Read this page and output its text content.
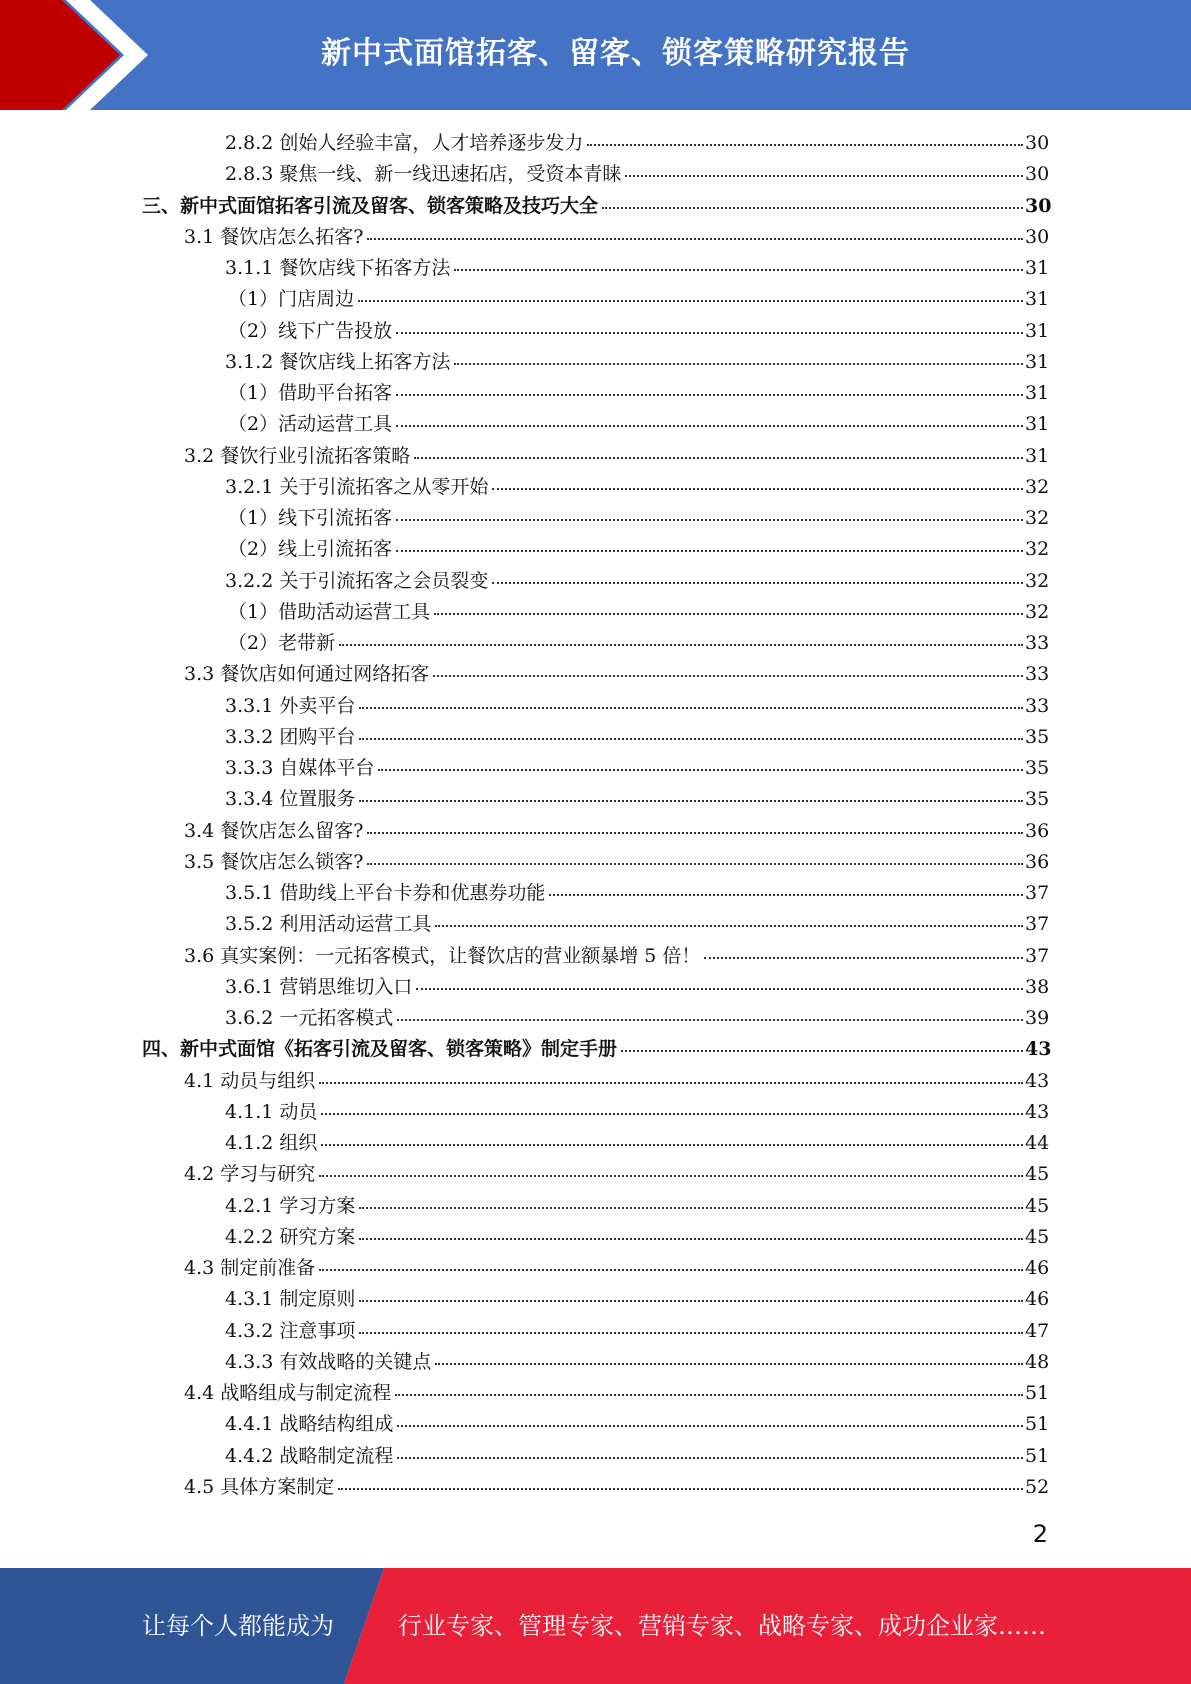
新中式面馆拓客、留客、锁客策略研究报告
2.8.2 创始人经验丰富，人才培养逐步发力	30
2.8.3 聚焦一线、新一线迅速拓店，受资本青睐	30
三、新中式面馆拓客引流及留客、锁客策略及技巧大全	30
3.1 餐饮店怎么拓客?	30
3.1.1 餐饮店线下拓客方法	31
（1）门店周边	31
（2）线下广告投放	31
3.1.2 餐饮店线上拓客方法	31
（1）借助平台拓客	31
（2）活动运营工具	31
3.2 餐饮行业引流拓客策略	31
3.2.1 关于引流拓客之从零开始	32
（1）线下引流拓客	32
（2）线上引流拓客	32
3.2.2 关于引流拓客之会员裂变	32
（1）借助活动运营工具	32
（2）老带新	33
3.3 餐饮店如何通过网络拓客	33
3.3.1 外卖平台	33
3.3.2 团购平台	35
3.3.3 自媒体平台	35
3.3.4 位置服务	35
3.4 餐饮店怎么留客?	36
3.5 餐饮店怎么锁客?	36
3.5.1 借助线上平台卡券和优惠券功能	37
3.5.2 利用活动运营工具	37
3.6 真实案例：一元拓客模式，让餐饮店的营业额暴增 5 倍！	37
3.6.1 营销思维切入口	38
3.6.2 一元拓客模式	39
四、新中式面馆《拓客引流及留客、锁客策略》制定手册	43
4.1 动员与组织	43
4.1.1 动员	43
4.1.2 组织	44
4.2 学习与研究	45
4.2.1 学习方案	45
4.2.2 研究方案	45
4.3 制定前准备	46
4.3.1 制定原则	46
4.3.2 注意事项	47
4.3.3 有效战略的关键点	48
4.4 战略组成与制定流程	51
4.4.1 战略结构组成	51
4.4.2 战略制定流程	51
4.5 具体方案制定	52
2
让每个人都能成为	行业专家、管理专家、营销专家、战略专家、成功企业家……
